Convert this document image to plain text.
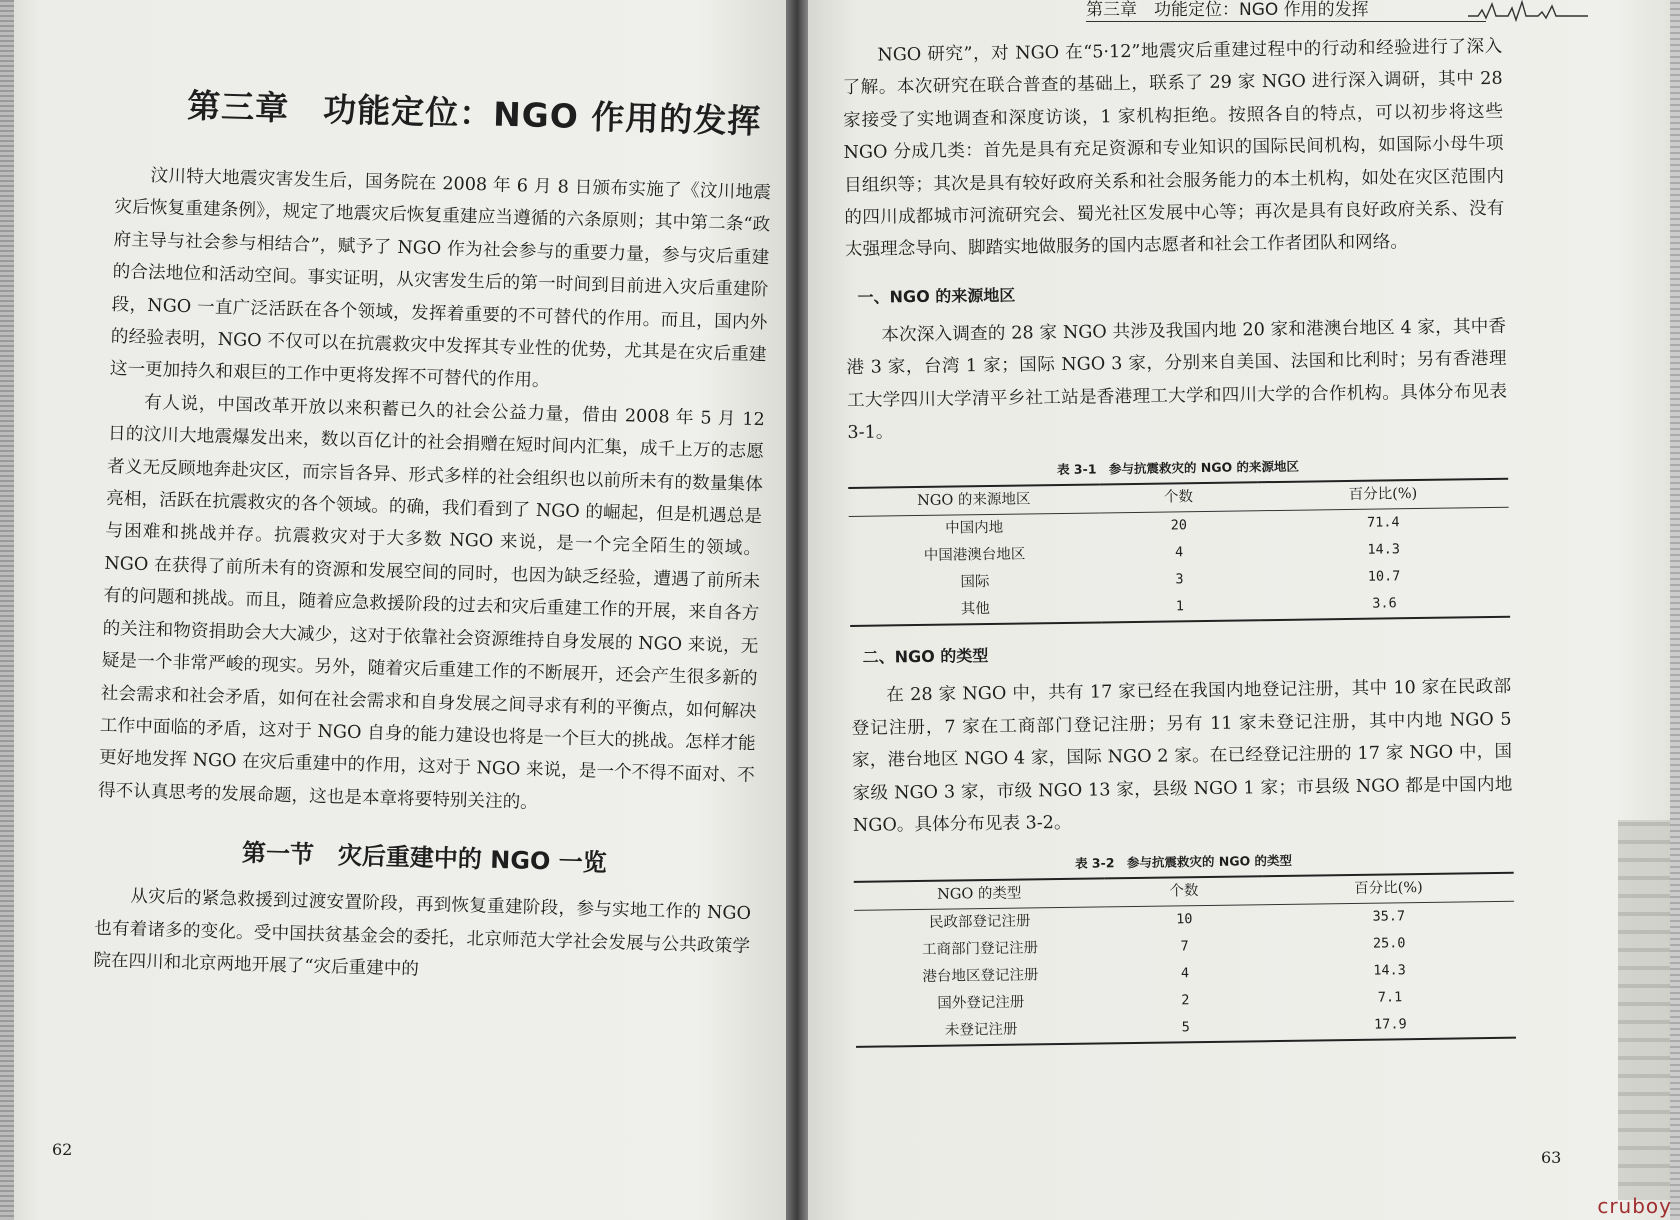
第三章　功能定位：NGO 作用的发挥
第三章　功能定位：NGO 作用的发挥

汶川特大地震灾害发生后，国务院在 2008 年 6 月 8 日颁布实施了《汶川地震灾后恢复重建条例》，规定了地震灾后恢复重建应当遵循的六条原则；其中第二条“政府主导与社会参与相结合”，赋予了 NGO 作为社会参与的重要力量，参与灾后重建的合法地位和活动空间。事实证明，从灾害发生后的第一时间到目前进入灾后重建阶段，NGO 一直广泛活跃在各个领域，发挥着重要的不可替代的作用。而且，国内外的经验表明，NGO 不仅可以在抗震救灾中发挥其专业性的优势，尤其是在灾后重建这一更加持久和艰巨的工作中更将发挥不可替代的作用。

有人说，中国改革开放以来积蓄已久的社会公益力量，借由 2008 年 5 月 12 日的汶川大地震爆发出来，数以百亿计的社会捐赠在短时间内汇集，成千上万的志愿者义无反顾地奔赴灾区，而宗旨各异、形式多样的社会组织也以前所未有的数量集体亮相，活跃在抗震救灾的各个领域。的确，我们看到了 NGO 的崛起，但是机遇总是与困难和挑战并存。抗震救灾对于大多数 NGO 来说，是一个完全陌生的领域。NGO 在获得了前所未有的资源和发展空间的同时，也因为缺乏经验，遭遇了前所未有的问题和挑战。而且，随着应急救援阶段的过去和灾后重建工作的开展，来自各方的关注和物资捐助会大大减少，这对于依靠社会资源维持自身发展的 NGO 来说，无疑是一个非常严峻的现实。另外，随着灾后重建工作的不断展开，还会产生很多新的社会需求和社会矛盾，如何在社会需求和自身发展之间寻求有利的平衡点，如何解决工作中面临的矛盾，这对于 NGO 自身的能力建设也将是一个巨大的挑战。怎样才能更好地发挥 NGO 在灾后重建中的作用，这对于 NGO 来说，是一个不得不面对、不得不认真思考的发展命题，这也是本章将要特别关注的。

第一节　灾后重建中的 NGO 一览

从灾后的紧急救援到过渡安置阶段，再到恢复重建阶段，参与实地工作的 NGO 也有着诸多的变化。受中国扶贫基金会的委托，北京师范大学社会发展与公共政策学院在四川和北京两地开展了“灾后重建中的

NGO 研究”，对 NGO 在“5·12”地震灾后重建过程中的行动和经验进行了深入了解。本次研究在联合普查的基础上，联系了 29 家 NGO 进行深入调研，其中 28 家接受了实地调查和深度访谈，1 家机构拒绝。按照各自的特点，可以初步将这些 NGO 分成几类：首先是具有充足资源和专业知识的国际民间机构，如国际小母牛项目组织等；其次是具有较好政府关系和社会服务能力的本土机构，如处在灾区范围内的四川成都城市河流研究会、蜀光社区发展中心等；再次是具有良好政府关系、没有太强理念导向、脚踏实地做服务的国内志愿者和社会工作者团队和网络。

一、NGO 的来源地区

本次深入调查的 28 家 NGO 共涉及我国内地 20 家和港澳台地区 4 家，其中香港 3 家，台湾 1 家；国际 NGO 3 家，分别来自美国、法国和比利时；另有香港理工大学四川大学清平乡社工站是香港理工大学和四川大学的合作机构。具体分布见表 3-1。

表 3-1　参与抗震救灾的 NGO 的来源地区
NGO 的来源地区	个数	百分比(%)
中国内地	20	71.4
中国港澳台地区	4	14.3
国际	3	10.7
其他	1	3.6
二、NGO 的类型

在 28 家 NGO 中，共有 17 家已经在我国内地登记注册，其中 10 家在民政部登记注册，7 家在工商部门登记注册；另有 11 家未登记注册，其中内地 NGO 5 家，港台地区 NGO 4 家，国际 NGO 2 家。在已经登记注册的 17 家 NGO 中，国家级 NGO 3 家，市级 NGO 13 家，县级 NGO 1 家；市县级 NGO 都是中国内地 NGO。具体分布见表 3-2。

表 3-2　参与抗震救灾的 NGO 的类型
NGO 的类型	个数	百分比(%)
民政部登记注册	10	35.7
工商部门登记注册	7	25.0
港台地区登记注册	4	14.3
国外登记注册	2	7.1
未登记注册	5	17.9
62	63
cruboy
